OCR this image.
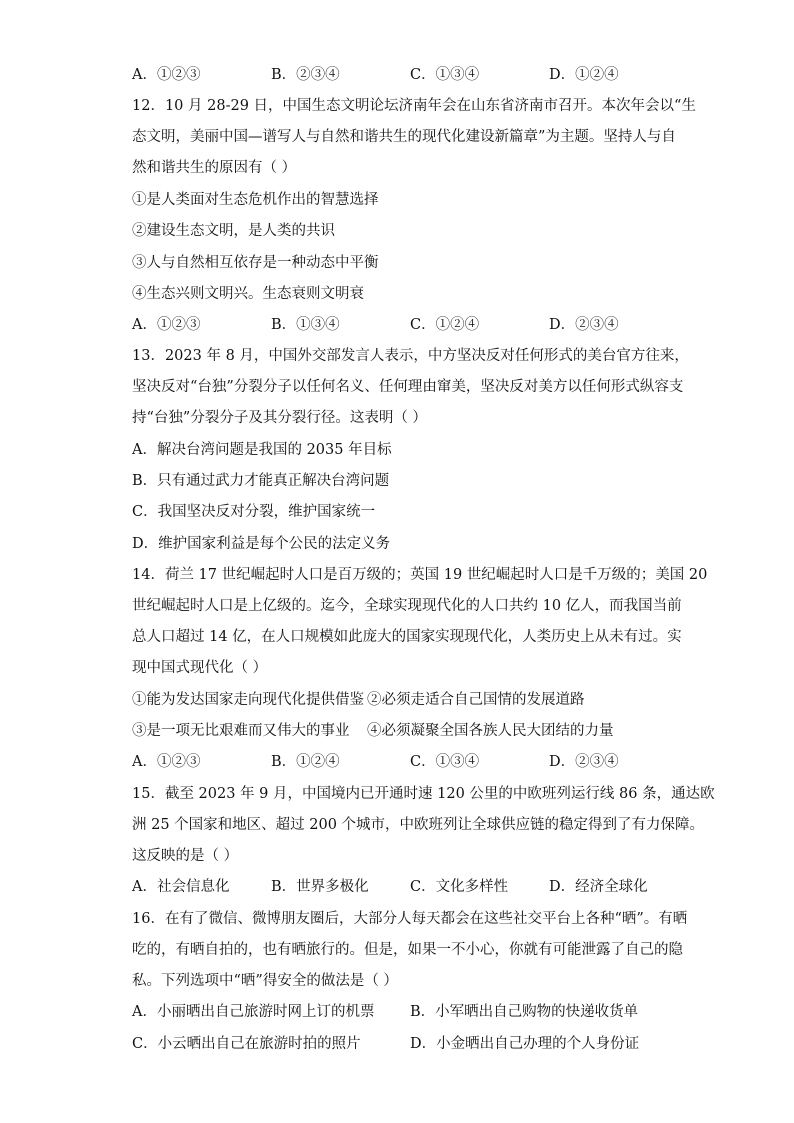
A．①②③	B．②③④	C．①③④	D．①②④
12．10 月 28-29 日，中国生态文明论坛济南年会在山东省济南市召开。本次年会以“生
态文明，美丽中国—谱写人与自然和谐共生的现代化建设新篇章”为主题。坚持人与自
然和谐共生的原因有（ ）
①是人类面对生态危机作出的智慧选择
②建设生态文明，是人类的共识
③人与自然相互依存是一种动态中平衡
④生态兴则文明兴。生态衰则文明衰
A．①②③	B．①③④	C．①②④	D．②③④
13．2023 年 8 月，中国外交部发言人表示，中方坚决反对任何形式的美台官方往来，
坚决反对“台独”分裂分子以任何名义、任何理由窜美，坚决反对美方以任何形式纵容支
持“台独”分裂分子及其分裂行径。这表明（ ）
A．解决台湾问题是我国的 2035 年目标
B．只有通过武力才能真正解决台湾问题
C．我国坚决反对分裂，维护国家统一
D．维护国家利益是每个公民的法定义务
14．荷兰 17 世纪崛起时人口是百万级的；英国 19 世纪崛起时人口是千万级的；美国 20
世纪崛起时人口是上亿级的。迄今，全球实现现代化的人口共约 10 亿人，而我国当前
总人口超过 14 亿，在人口规模如此庞大的国家实现现代化，人类历史上从未有过。实
现中国式现代化（ ）
①能为发达国家走向现代化提供借鉴 ②必须走适合自己国情的发展道路
③是一项无比艰难而又伟大的事业 ④必须凝聚全国各族人民大团结的力量
A．①②③	B．①②④	C．①③④	D．②③④
15．截至 2023 年 9 月，中国境内已开通时速 120 公里的中欧班列运行线 86 条，通达欧
洲 25 个国家和地区、超过 200 个城市，中欧班列让全球供应链的稳定得到了有力保障。
这反映的是（ ）
A．社会信息化	B．世界多极化	C．文化多样性	D．经济全球化
16．在有了微信、微博朋友圈后，大部分人每天都会在这些社交平台上各种“晒”。有晒
吃的，有晒自拍的，也有晒旅行的。但是，如果一不小心，你就有可能泄露了自己的隐
私。下列选项中“晒”得安全的做法是（ ）
A．小丽晒出自己旅游时网上订的机票 B．小军晒出自己购物的快递收货单
C．小云晒出自己在旅游时拍的照片	D．小金晒出自己办理的个人身份证
